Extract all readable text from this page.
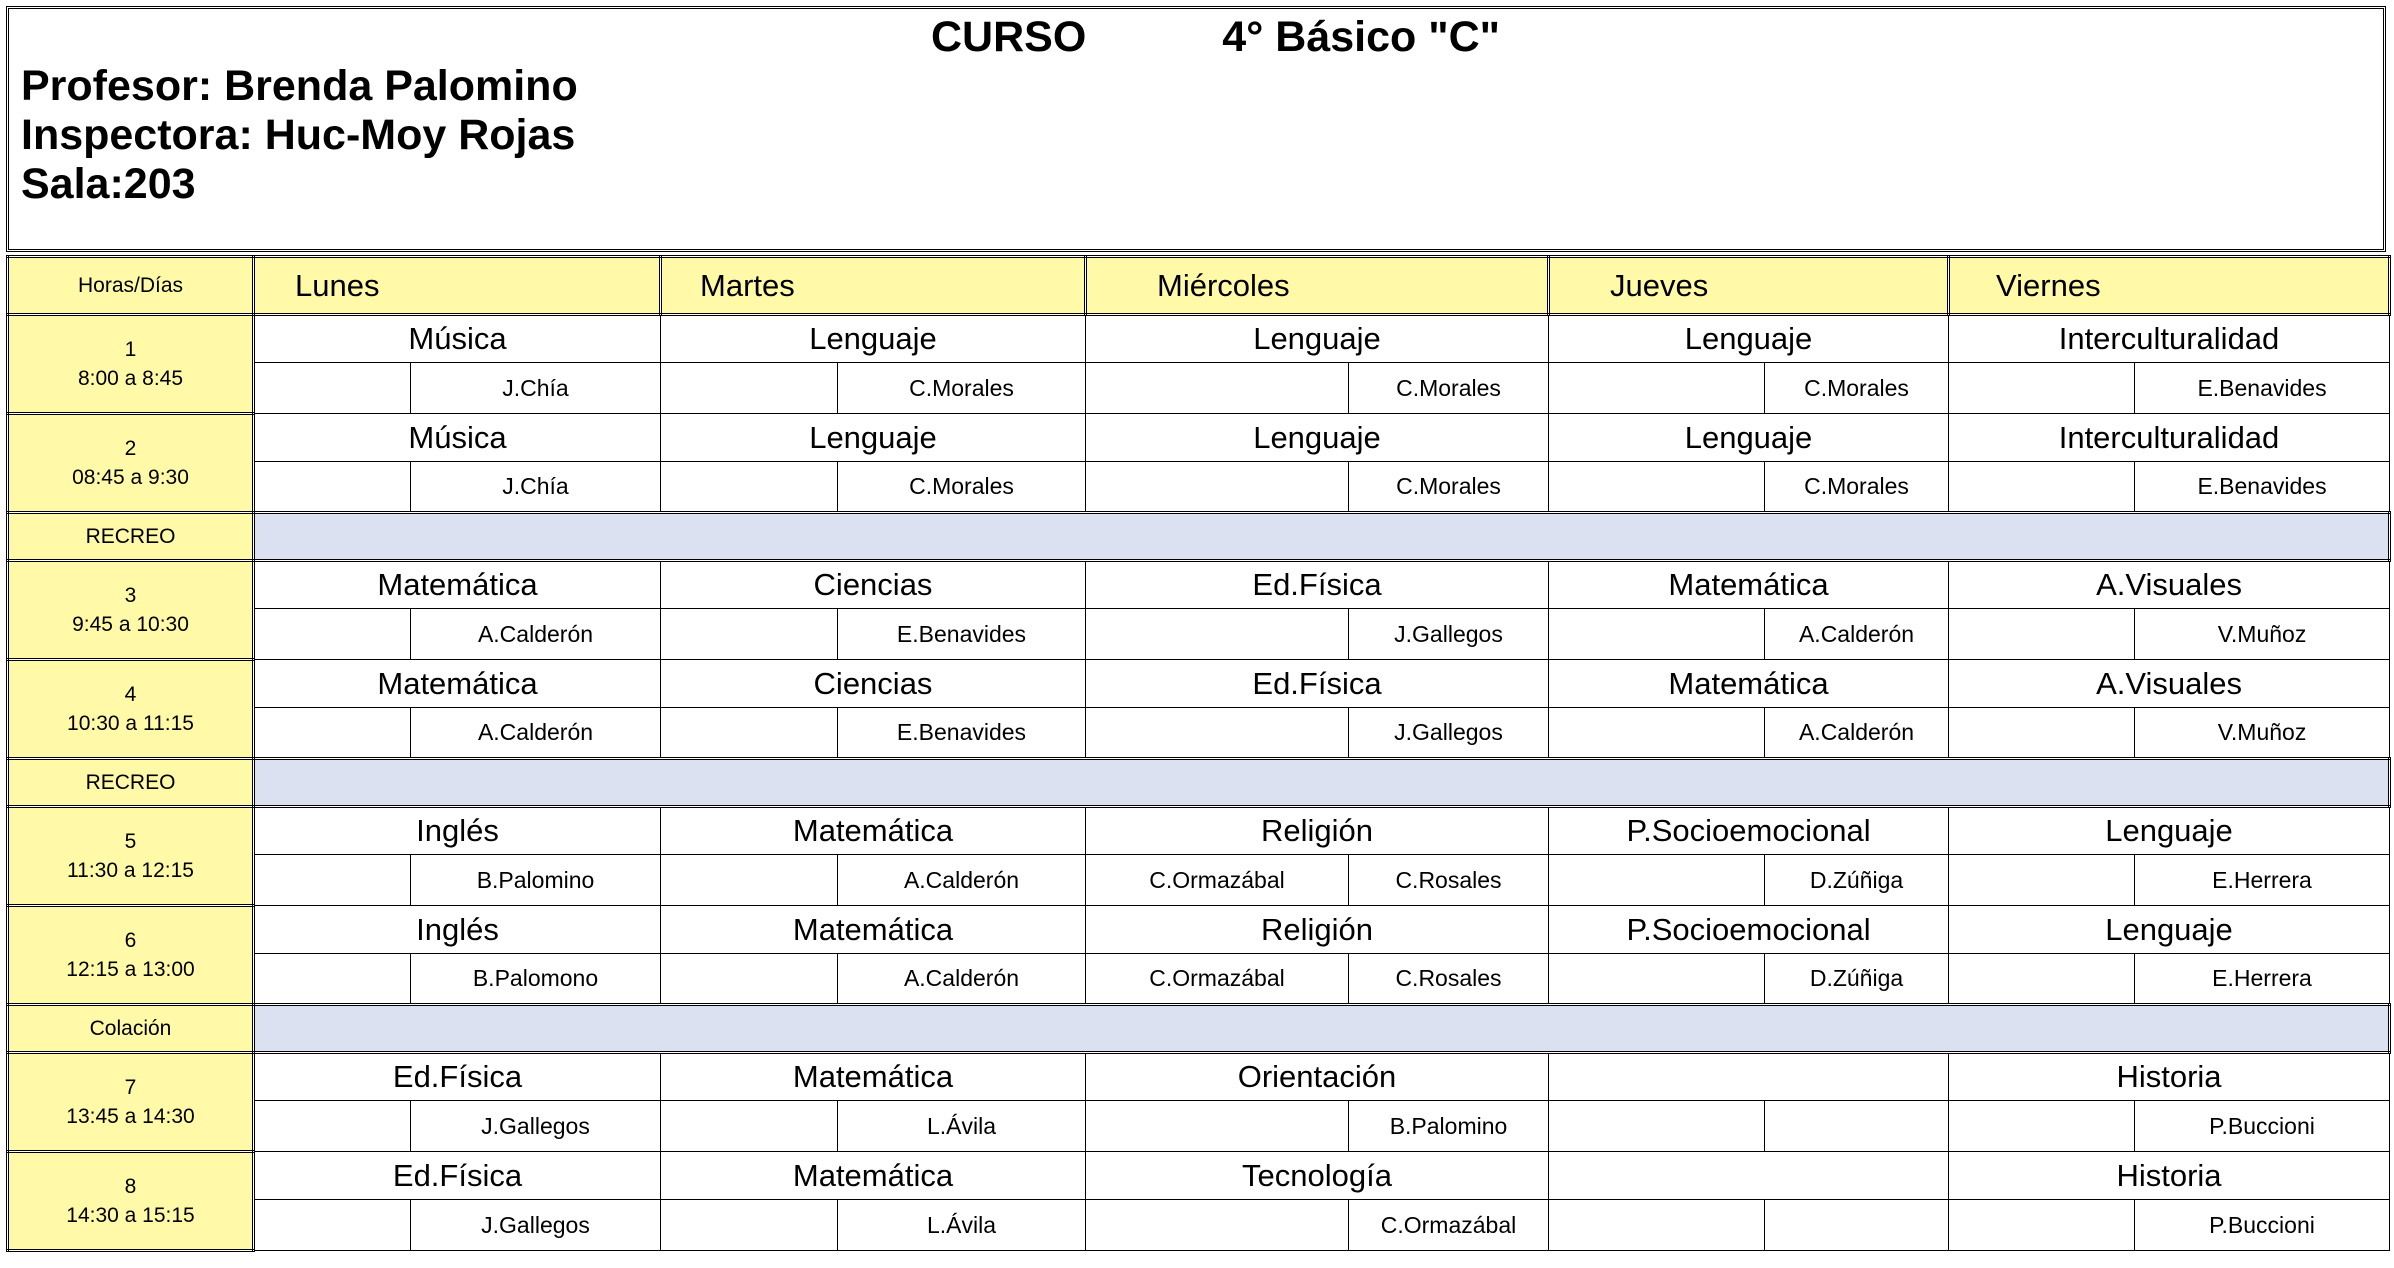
CURSO	4° Básico "C"
Profesor: Brenda Palomino
Inspectora: Huc-Moy Rojas
Sala:203
Horas/Días	Lunes		Martes		Miércoles		Jueves		Viernes	

1
8:00 a 8:45	Música		Lenguaje		Lenguaje		Lenguaje		Interculturalidad	
		J.Chía		C.Morales		C.Morales		C.Morales		E.Benavides

2
08:45 a 9:30	Música		Lenguaje		Lenguaje		Lenguaje		Interculturalidad	
		J.Chía		C.Morales		C.Morales		C.Morales		E.Benavides
RECREO										

3
9:45 a 10:30	Matemática		Ciencias		Ed.Física		Matemática		A.Visuales	
		A.Calderón		E.Benavides		J.Gallegos		A.Calderón		V.Muñoz

4
10:30 a 11:15	Matemática		Ciencias		Ed.Física		Matemática		A.Visuales	
		A.Calderón		E.Benavides		J.Gallegos		A.Calderón		V.Muñoz
RECREO										

5
11:30 a 12:15	Inglés		Matemática		Religión		P.Socioemocional		Lenguaje	
		B.Palomino		A.Calderón	C.Ormazábal	C.Rosales		D.Zúñiga		E.Herrera

6
12:15 a 13:00	Inglés		Matemática		Religión		P.Socioemocional		Lenguaje	
		B.Palomono		A.Calderón	C.Ormazábal	C.Rosales		D.Zúñiga		E.Herrera
Colación										

7
13:45 a 14:30	Ed.Física		Matemática		Orientación				Historia	
		J.Gallegos		L.Ávila		B.Palomino				P.Buccioni

8
14:30 a 15:15	Ed.Física		Matemática		Tecnología				Historia	
		J.Gallegos		L.Ávila		C.Ormazábal				P.Buccioni
